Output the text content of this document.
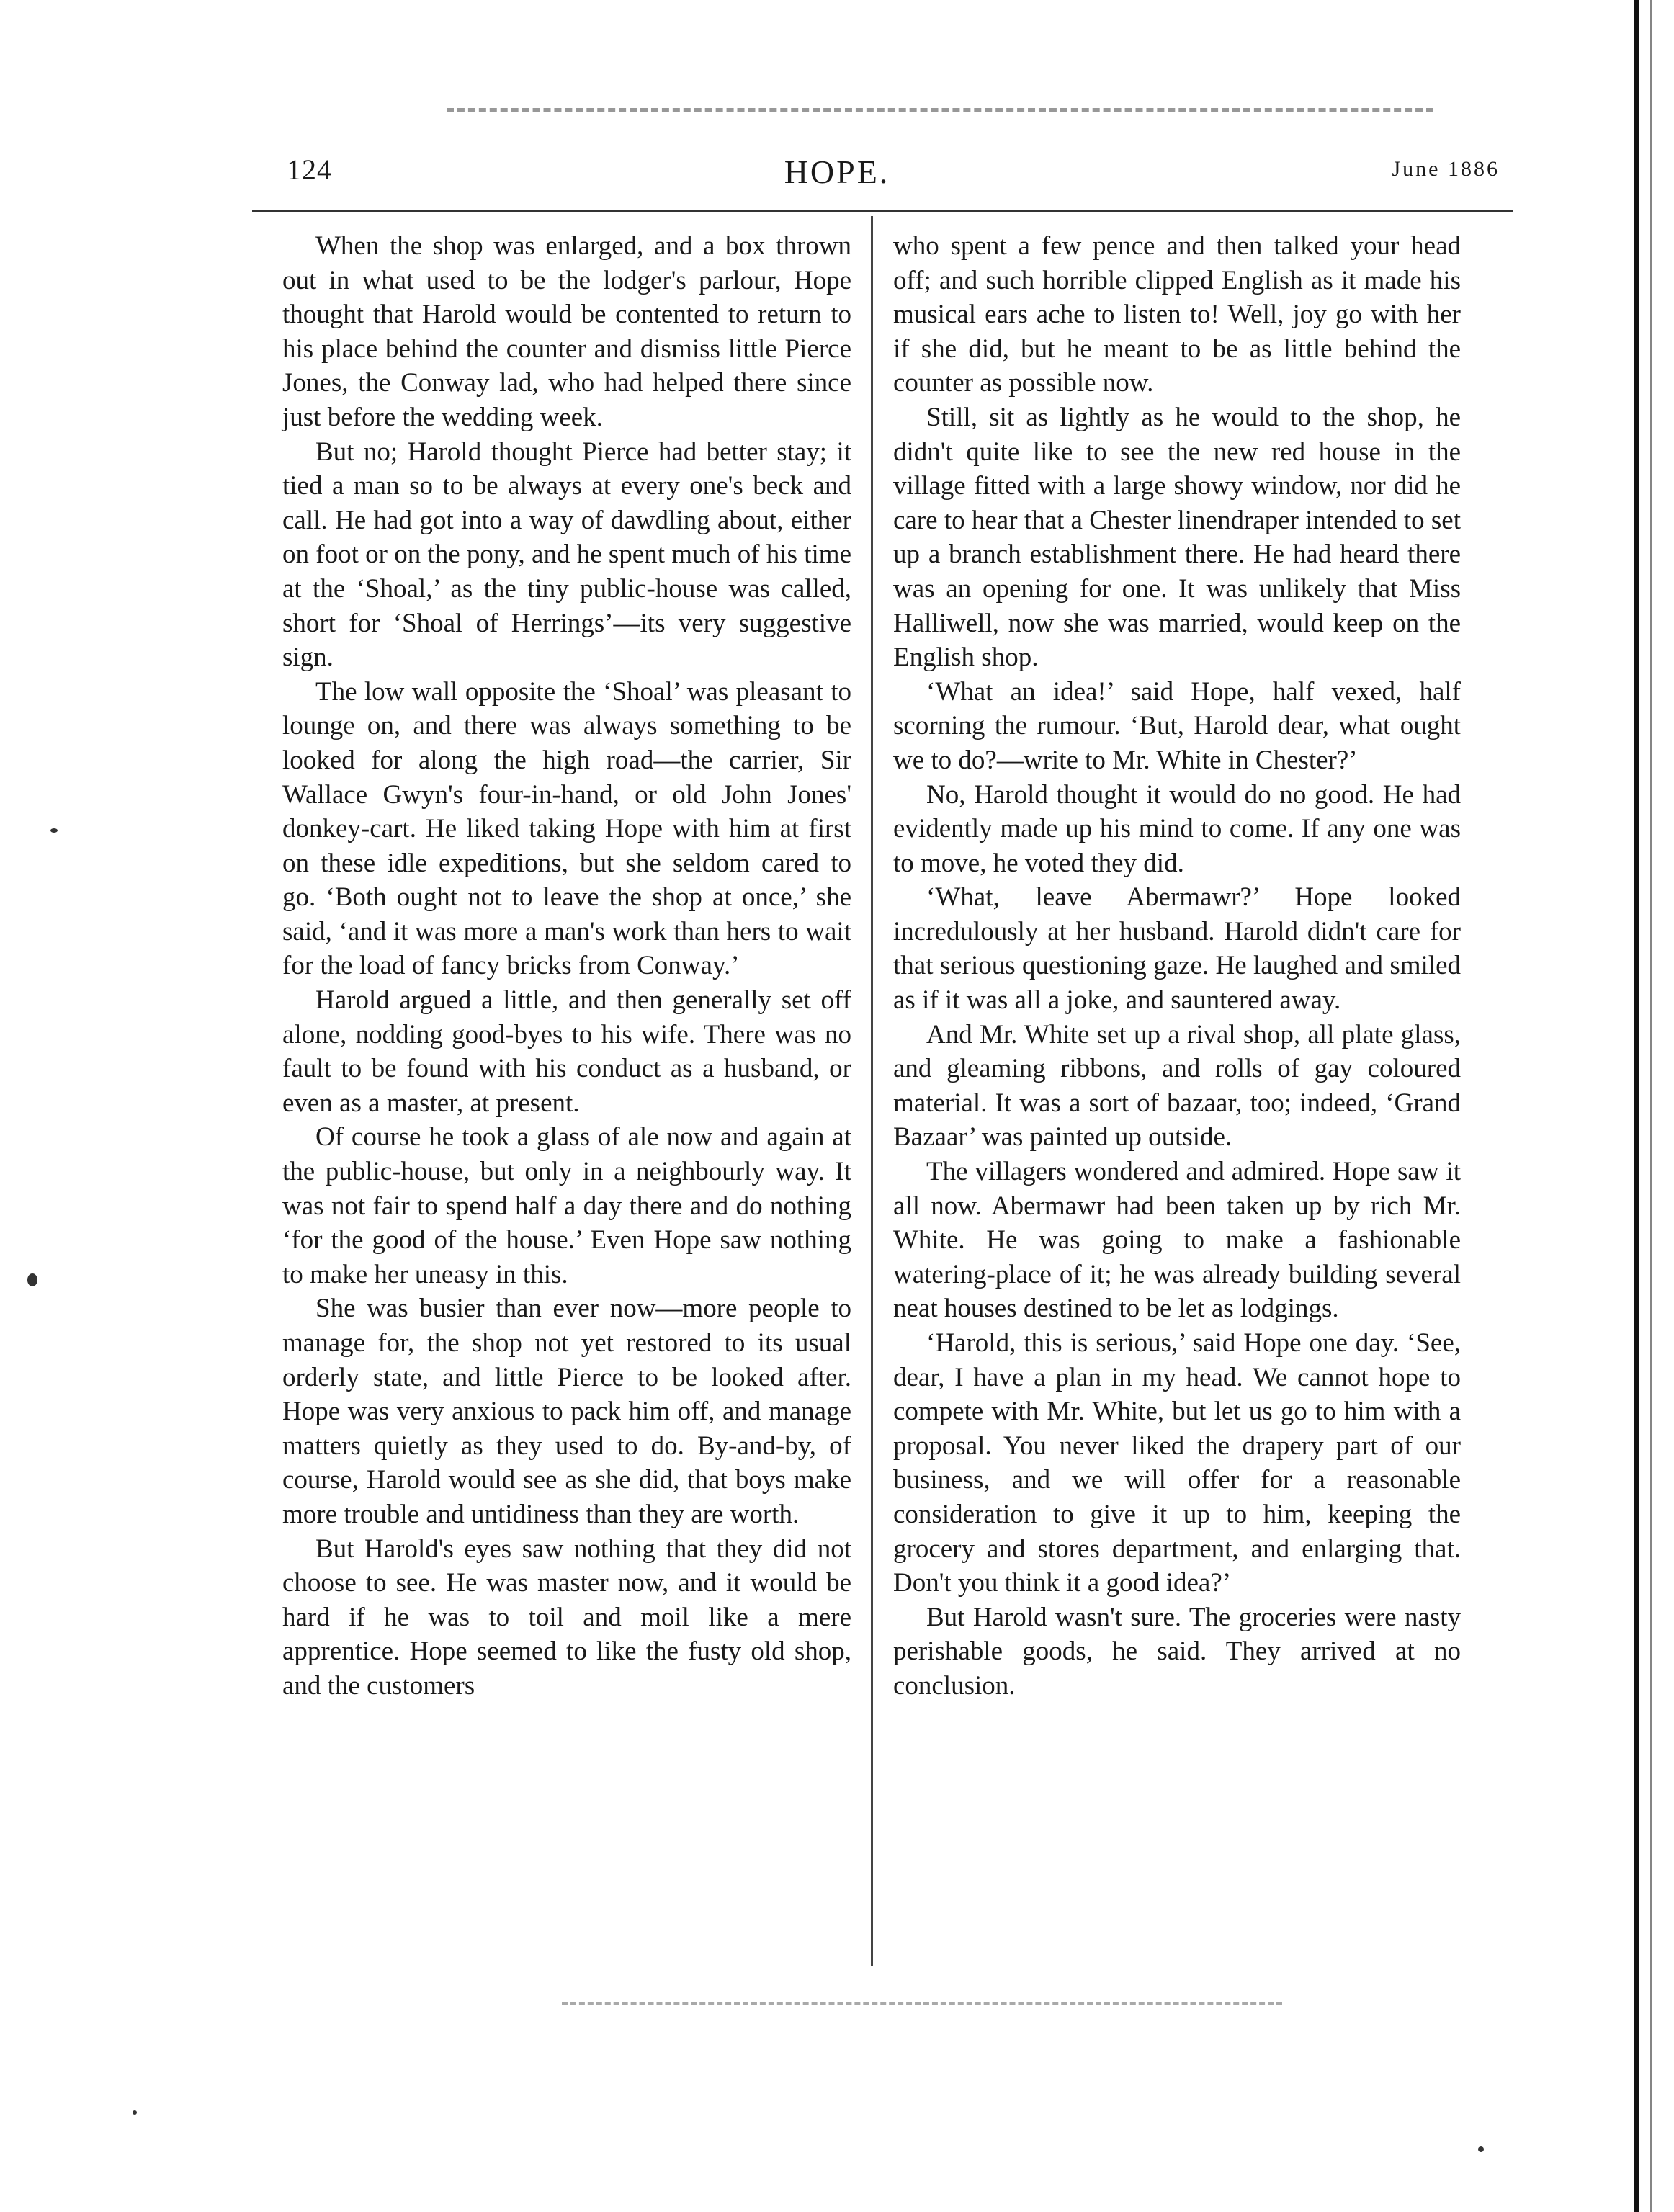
124	HOPE.	June 1886

When the shop was enlarged, and a box thrown out in what used to be the lodger's parlour, Hope thought that Harold would be contented to return to his place behind the counter and dismiss little Pierce Jones, the Conway lad, who had helped there since just before the wedding week.

But no; Harold thought Pierce had better stay; it tied a man so to be always at every one's beck and call. He had got into a way of dawdling about, either on foot or on the pony, and he spent much of his time at the ‘Shoal,’ as the tiny public-house was called, short for ‘Shoal of Herrings’—its very suggestive sign.

The low wall opposite the ‘Shoal’ was pleasant to lounge on, and there was always something to be looked for along the high road—the carrier, Sir Wallace Gwyn's four-in-hand, or old John Jones' donkey-cart. He liked taking Hope with him at first on these idle expeditions, but she seldom cared to go. ‘Both ought not to leave the shop at once,’ she said, ‘and it was more a man's work than hers to wait for the load of fancy bricks from Conway.’

Harold argued a little, and then generally set off alone, nodding good-byes to his wife. There was no fault to be found with his conduct as a husband, or even as a master, at present.

Of course he took a glass of ale now and again at the public-house, but only in a neighbourly way. It was not fair to spend half a day there and do nothing ‘for the good of the house.’ Even Hope saw nothing to make her uneasy in this.

She was busier than ever now—more people to manage for, the shop not yet restored to its usual orderly state, and little Pierce to be looked after. Hope was very anxious to pack him off, and manage matters quietly as they used to do. By-and-by, of course, Harold would see as she did, that boys make more trouble and untidiness than they are worth.

But Harold's eyes saw nothing that they did not choose to see. He was master now, and it would be hard if he was to toil and moil like a mere apprentice. Hope seemed to like the fusty old shop, and the customers

who spent a few pence and then talked your head off; and such horrible clipped English as it made his musical ears ache to listen to! Well, joy go with her if she did, but he meant to be as little behind the counter as possible now.

Still, sit as lightly as he would to the shop, he didn't quite like to see the new red house in the village fitted with a large showy window, nor did he care to hear that a Chester linendraper intended to set up a branch establishment there. He had heard there was an opening for one. It was unlikely that Miss Halliwell, now she was married, would keep on the English shop.

‘What an idea!’ said Hope, half vexed, half scorning the rumour. ‘But, Harold dear, what ought we to do?—write to Mr. White in Chester?’

No, Harold thought it would do no good. He had evidently made up his mind to come. If any one was to move, he voted they did.

‘What, leave Abermawr?’ Hope looked incredulously at her husband. Harold didn't care for that serious questioning gaze. He laughed and smiled as if it was all a joke, and sauntered away.

And Mr. White set up a rival shop, all plate glass, and gleaming ribbons, and rolls of gay coloured material. It was a sort of bazaar, too; indeed, ‘Grand Bazaar’ was painted up outside.

The villagers wondered and admired. Hope saw it all now. Abermawr had been taken up by rich Mr. White. He was going to make a fashionable watering-place of it; he was already building several neat houses destined to be let as lodgings.

‘Harold, this is serious,’ said Hope one day. ‘See, dear, I have a plan in my head. We cannot hope to compete with Mr. White, but let us go to him with a proposal. You never liked the drapery part of our business, and we will offer for a reasonable consideration to give it up to him, keeping the grocery and stores department, and enlarging that. Don't you think it a good idea?’

But Harold wasn't sure. The groceries were nasty perishable goods, he said. They arrived at no conclusion.
